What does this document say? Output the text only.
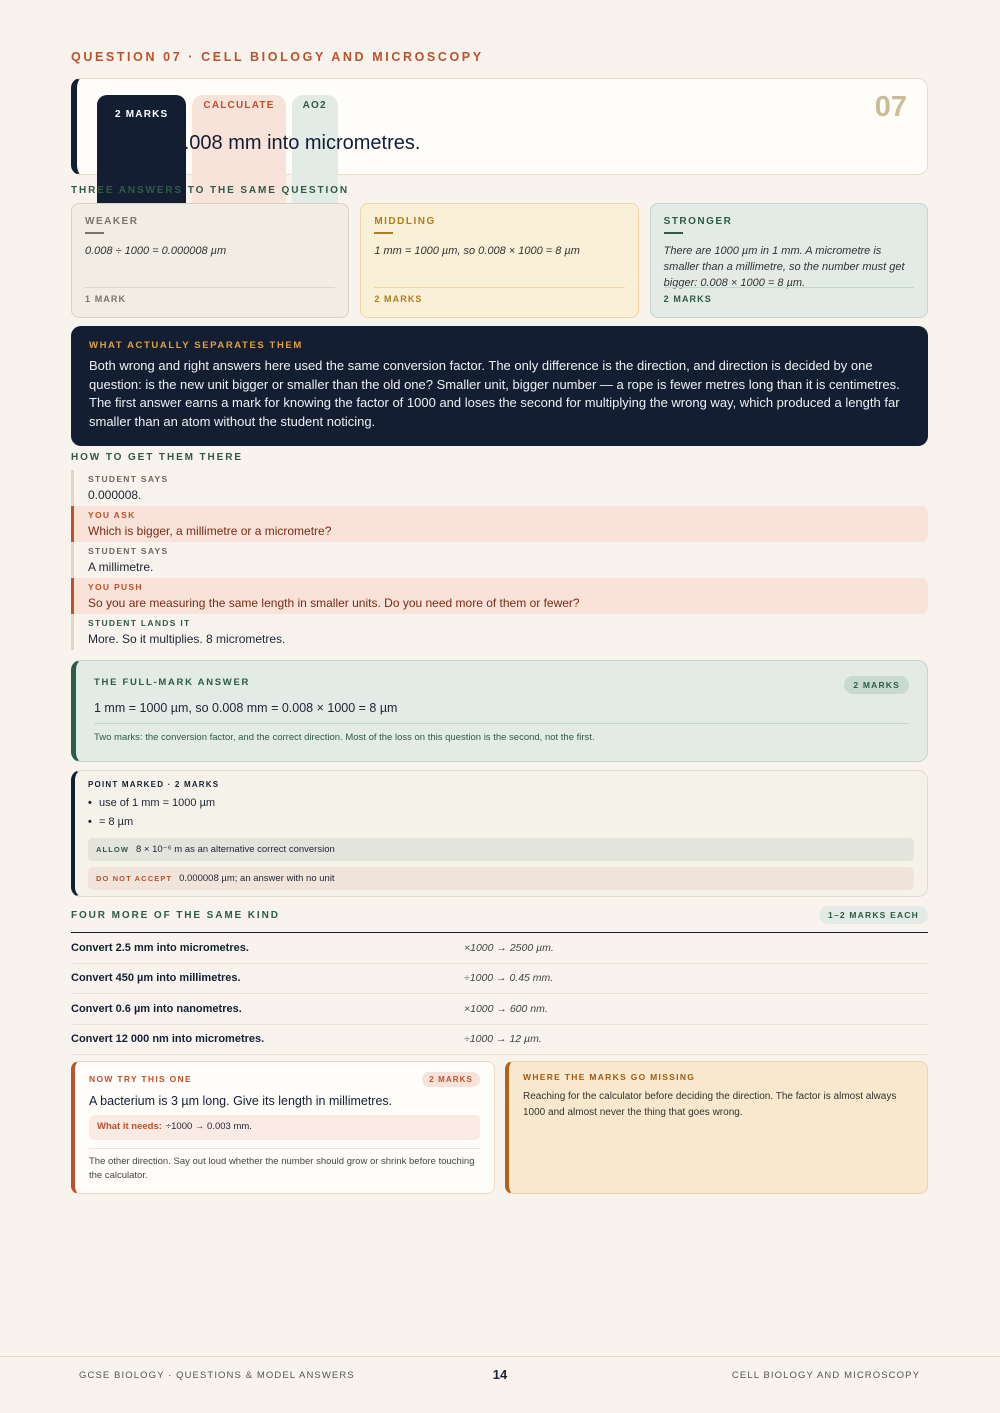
QUESTION 07 · CELL BIOLOGY AND MICROSCOPY
2 MARKS
CALCULATE	AO2	07
Convert 0.008 mm into micrometres.
THREE ANSWERS TO THE SAME QUESTION
WEAKER
0.008 ÷ 1000 = 0.000008 µm
1 MARK
MIDDLING
1 mm = 1000 µm, so 0.008 × 1000 = 8 µm
2 MARKS
STRONGER
There are 1000 µm in 1 mm. A micrometre is smaller than a millimetre, so the number must get bigger: 0.008 × 1000 = 8 µm.
2 MARKS
WHAT ACTUALLY SEPARATES THEM
Both wrong and right answers here used the same conversion factor. The only difference is the direction, and direction is decided by one question: is the new unit bigger or smaller than the old one? Smaller unit, bigger number — a rope is fewer metres long than it is centimetres. The first answer earns a mark for knowing the factor of 1000 and loses the second for multiplying the wrong way, which produced a length far smaller than an atom without the student noticing.
HOW TO GET THEM THERE
STUDENT SAYS
0.000008.
YOU ASK
Which is bigger, a millimetre or a micrometre?
STUDENT SAYS
A millimetre.
YOU PUSH
So you are measuring the same length in smaller units. Do you need more of them or fewer?
STUDENT LANDS IT
More. So it multiplies. 8 micrometres.
THE FULL-MARK ANSWER	2 MARKS
1 mm = 1000 µm, so 0.008 mm = 0.008 × 1000 = 8 µm
Two marks: the conversion factor, and the correct direction. Most of the loss on this question is the second, not the first.
POINT MARKED · 2 MARKS
• use of 1 mm = 1000 µm
• = 8 µm
ALLOW 8 × 10⁻⁶ m as an alternative correct conversion
DO NOT ACCEPT 0.000008 µm; an answer with no unit
FOUR MORE OF THE SAME KIND	1–2 MARKS EACH
Convert 2.5 mm into micrometres.	×1000 → 2500 µm.
Convert 450 µm into millimetres.	÷1000 → 0.45 mm.
Convert 0.6 µm into nanometres.	×1000 → 600 nm.
Convert 12 000 nm into micrometres.	÷1000 → 12 µm.
NOW TRY THIS ONE	2 MARKS
A bacterium is 3 µm long. Give its length in millimetres.
What it needs: ÷1000 → 0.003 mm.
The other direction. Say out loud whether the number should grow or shrink before touching the calculator.
WHERE THE MARKS GO MISSING
Reaching for the calculator before deciding the direction. The factor is almost always 1000 and almost never the thing that goes wrong.
GCSE BIOLOGY · QUESTIONS & MODEL ANSWERS	14	CELL BIOLOGY AND MICROSCOPY
